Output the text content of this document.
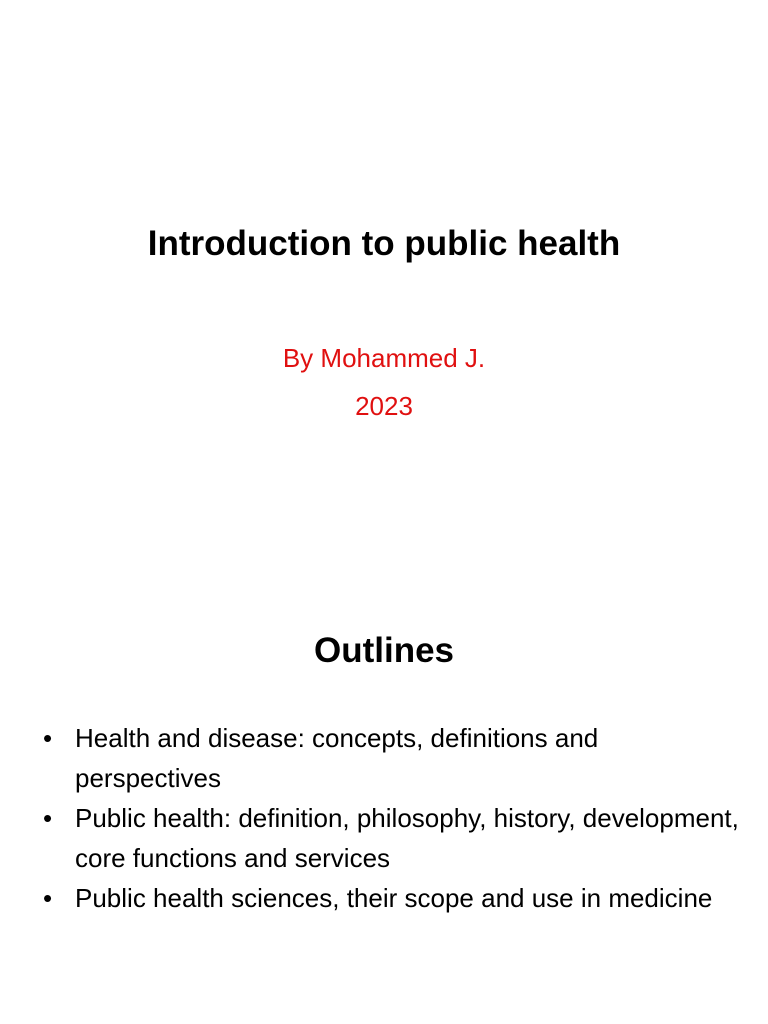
Introduction to public health
By Mohammed J.
2023
Outlines
• Health and disease: concepts, definitions and perspectives
• Public health: definition, philosophy, history, development, core functions and services
• Public health sciences, their scope and use in medicine
